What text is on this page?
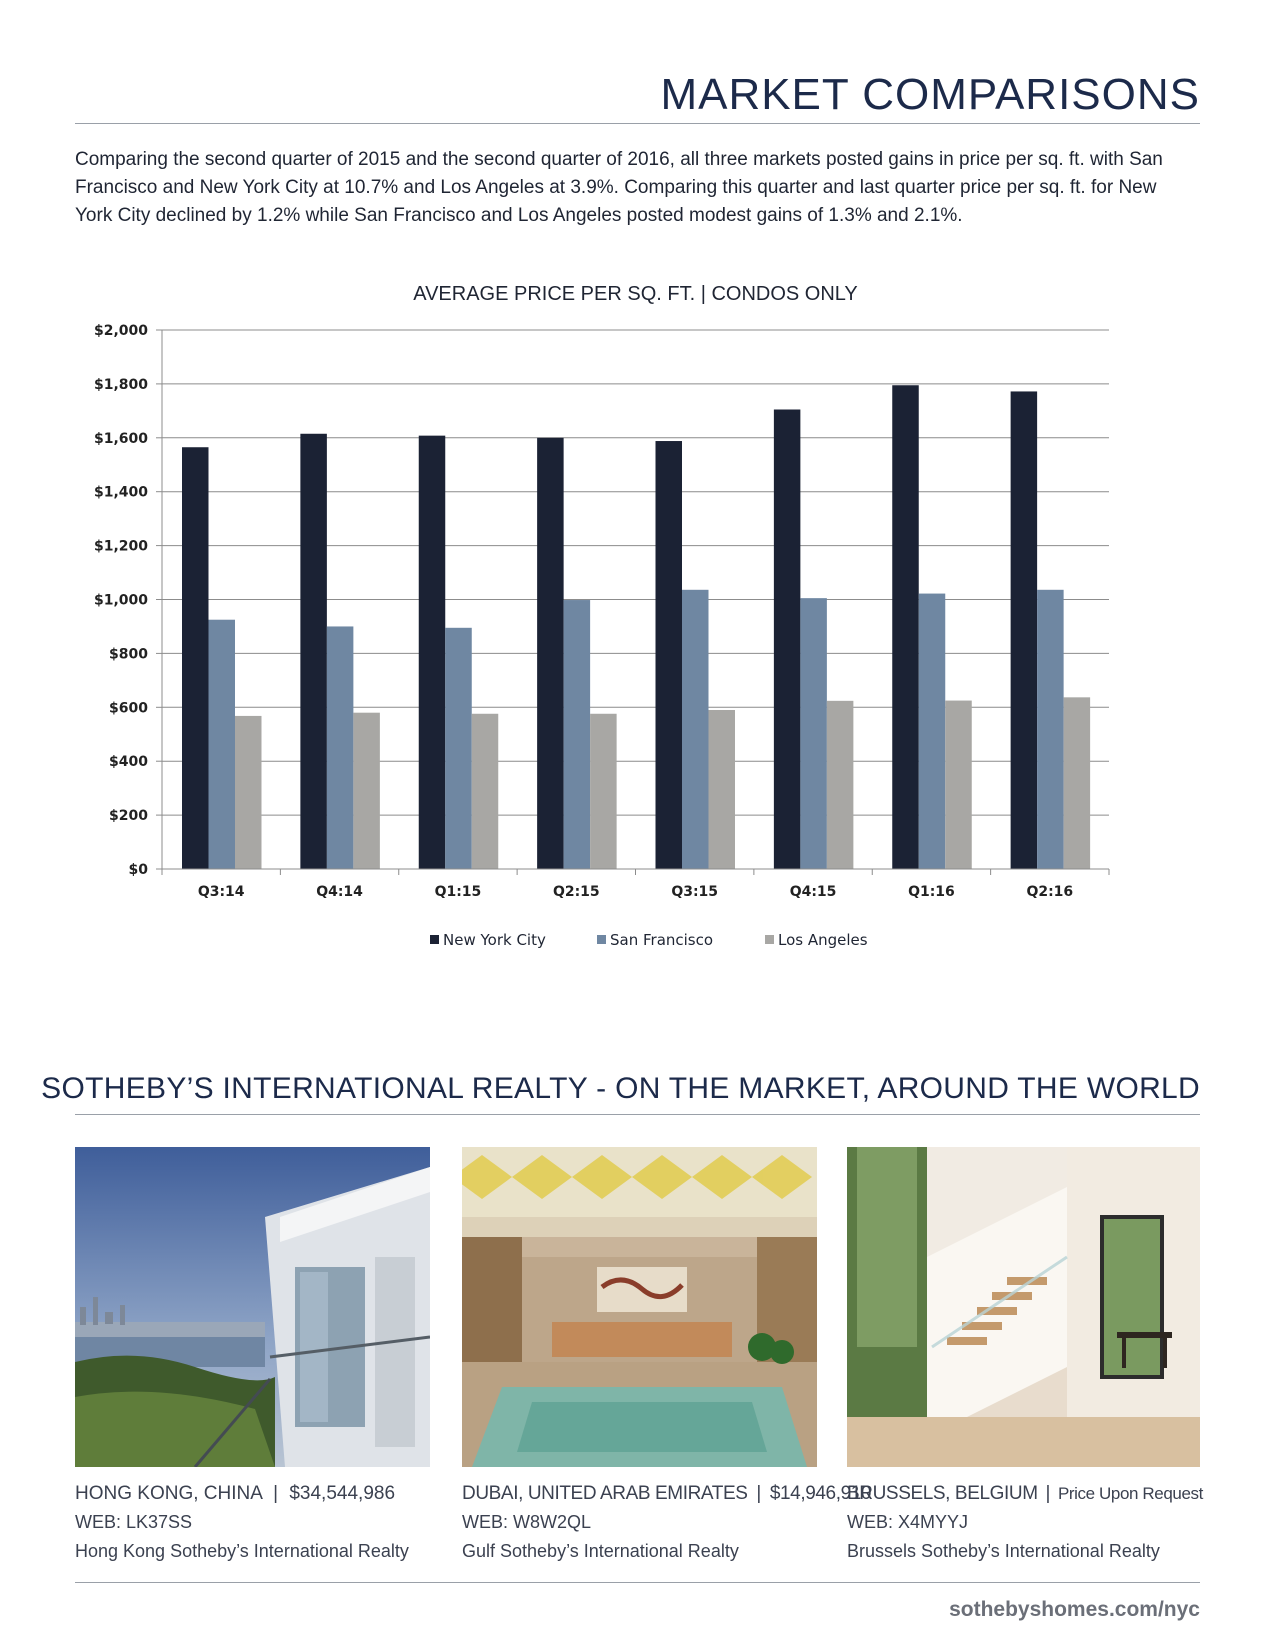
MARKET COMPARISONS

Comparing the second quarter of 2015 and the second quarter of 2016, all three markets posted gains in price per sq. ft. with San Francisco and New York City at 10.7% and Los Angeles at 3.9%. Comparing this quarter and last quarter price per sq. ft. for New York City declined by 1.2% while San Francisco and Los Angeles posted modest gains of 1.3% and 2.1%.

AVERAGE PRICE PER SQ. FT. | CONDOS ONLY
$0
$200
$400
$600
$800
$1,000
$1,200
$1,400
$1,600
$1,800
$2,000
Q3:14	Q4:14	Q1:15	Q2:15	Q3:15	Q4:15	Q1:16	Q2:16
New York City	San Francisco	Los Angeles
SOTHEBY’S INTERNATIONAL REALTY - ON THE MARKET, AROUND THE WORLD
HONG KONG, CHINA | $34,544,986
WEB: LK37SS
Hong Kong Sotheby’s International Realty
DUBAI, UNITED ARAB EMIRATES | $14,946,910
WEB: W8W2QL
Gulf Sotheby’s International Realty
BRUSSELS, BELGIUM | Price Upon Request
WEB: X4MYYJ
Brussels Sotheby’s International Realty
sothebyshomes.com/nyc
